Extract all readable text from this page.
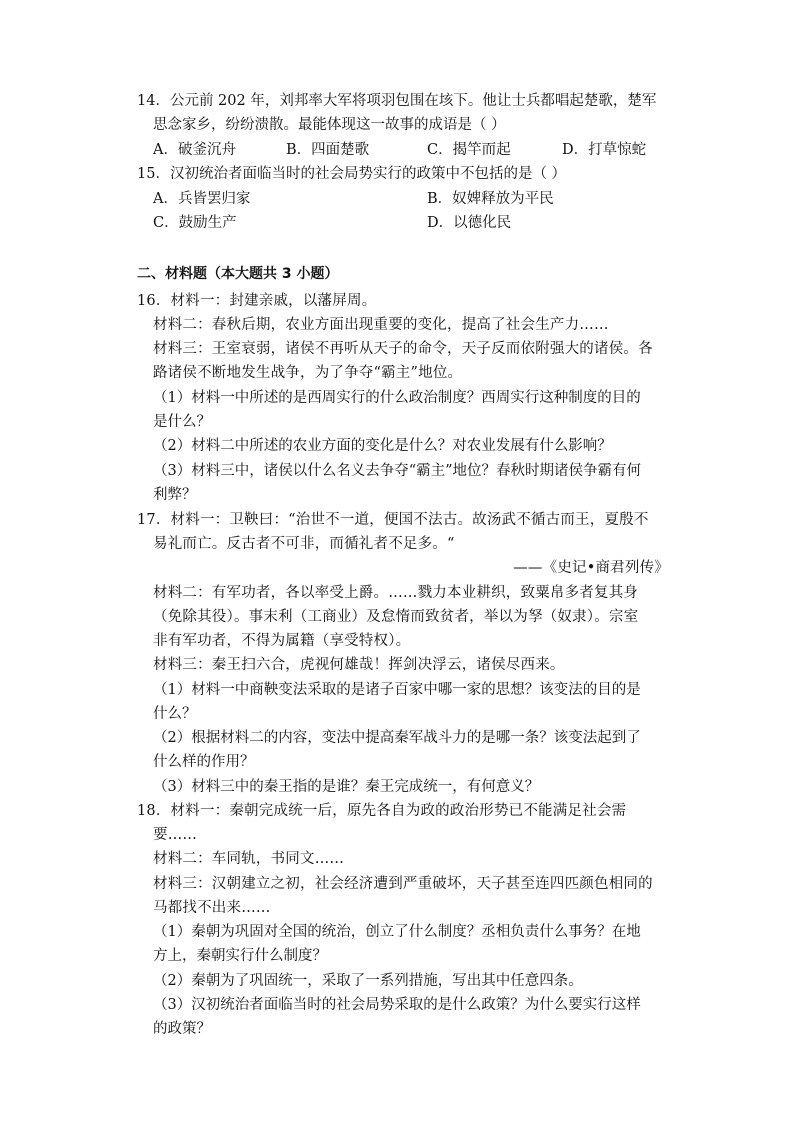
14．公元前 202 年，刘邦率大军将项羽包围在垓下。他让士兵都唱起楚歌，楚军
思念家乡，纷纷溃散。最能体现这一故事的成语是（ ）
A．破釜沉舟	B．四面楚歌	C．揭竿而起	D．打草惊蛇
15．汉初统治者面临当时的社会局势实行的政策中不包括的是（ ）
A．兵皆罢归家	B．奴婢释放为平民
C．鼓励生产	D．以德化民
二、材料题（本大题共 3 小题）
16．材料一：封建亲戚，以藩屏周。
材料二：春秋后期，农业方面出现重要的变化，提高了社会生产力……
材料三：王室衰弱，诸侯不再听从天子的命令，天子反而依附强大的诸侯。各
路诸侯不断地发生战争，为了争夺“霸主”地位。
（1）材料一中所述的是西周实行的什么政治制度？西周实行这种制度的目的
是什么？
（2）材料二中所述的农业方面的变化是什么？对农业发展有什么影响？
（3）材料三中，诸侯以什么名义去争夺“霸主”地位？春秋时期诸侯争霸有何
利弊？
17．材料一：卫鞅曰：“治世不一道，便国不法古。故汤武不循古而王，夏殷不
易礼而亡。反古者不可非，而循礼者不足多。“
——《史记•商君列传》
材料二：有军功者，各以率受上爵。……戮力本业耕织，致粟帛多者复其身
（免除其役）。事末利（工商业）及怠惰而致贫者，举以为孥（奴隶）。宗室
非有军功者，不得为属籍（享受特权）。
材料三：秦王扫六合，虎视何雄哉！挥剑决浮云，诸侯尽西来。
（1）材料一中商鞅变法采取的是诸子百家中哪一家的思想？该变法的目的是
什么？
（2）根据材料二的内容，变法中提高秦军战斗力的是哪一条？该变法起到了
什么样的作用？
（3）材料三中的秦王指的是谁？秦王完成统一，有何意义？
18．材料一：秦朝完成统一后，原先各自为政的政治形势已不能满足社会需
要……
材料二：车同轨，书同文……
材料三：汉朝建立之初，社会经济遭到严重破坏，天子甚至连四匹颜色相同的
马都找不出来……
（1）秦朝为巩固对全国的统治，创立了什么制度？丞相负责什么事务？在地
方上，秦朝实行什么制度？
（2）秦朝为了巩固统一，采取了一系列措施，写出其中任意四条。
（3）汉初统治者面临当时的社会局势采取的是什么政策？为什么要实行这样
的政策？
